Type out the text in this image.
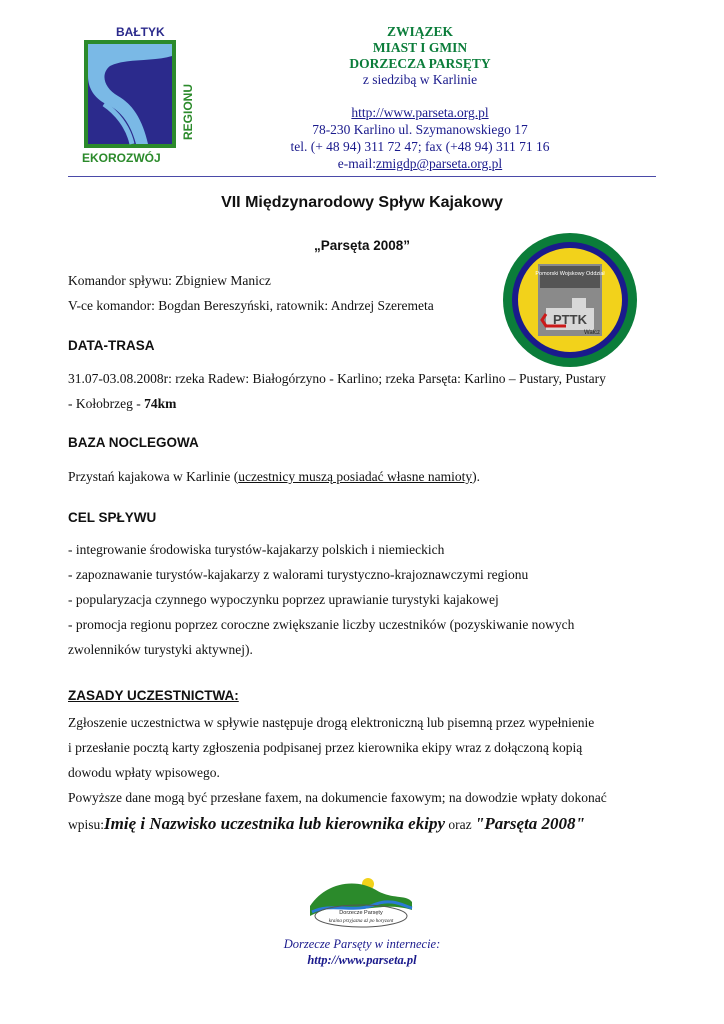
BAŁTYK
REGIONU
EKOROZWÓJ
ZWIĄZEK
MIAST I GMIN
DORZECZA PARSĘTY
z siedzibą w Karlinie
http://www.parseta.org.pl
78-230 Karlino ul. Szymanowskiego 17
tel. (+ 48 94) 311 72 47; fax (+48 94) 311 71 16
e-mail:zmigdp@parseta.org.pl
VII Międzynarodowy Spływ Kajakowy
„Parsęta 2008”
Pomorski Wojskowy Oddział
PTTK
Wałcz
Komandor spływu: Zbigniew Manicz
V-ce komandor: Bogdan Bereszyński, ratownik: Andrzej Szeremeta
DATA-TRASA
31.07-03.08.2008r: rzeka Radew: Białogórzyno - Karlino; rzeka Parsęta: Karlino – Pustary, Pustary
- Kołobrzeg - 74km
BAZA NOCLEGOWA
Przystań kajakowa w Karlinie (uczestnicy muszą posiadać własne namioty).
CEL SPŁYWU
- integrowanie środowiska turystów-kajakarzy polskich i niemieckich
- zapoznawanie turystów-kajakarzy z walorami turystyczno-krajoznawczymi regionu
- popularyzacja czynnego wypoczynku poprzez uprawianie turystyki kajakowej
- promocja regionu poprzez coroczne zwiększanie liczby uczestników (pozyskiwanie nowych
zwolenników turystyki aktywnej).
ZASADY UCZESTNICTWA:
Zgłoszenie uczestnictwa w spływie następuje drogą elektroniczną lub pisemną przez wypełnienie
i przesłanie pocztą karty zgłoszenia podpisanej przez kierownika ekipy wraz z dołączoną kopią
dowodu wpłaty wpisowego.
Powyższe dane mogą być przesłane faxem, na dokumencie faxowym; na dowodzie wpłaty dokonać
wpisu:Imię i Nazwisko uczestnika lub kierownika ekipy oraz "Parsęta 2008"
Dorzecze Parsęty
kraina przyjazna aż po horyzont
Dorzecze Parsęty w internecie:
http://www.parseta.pl
